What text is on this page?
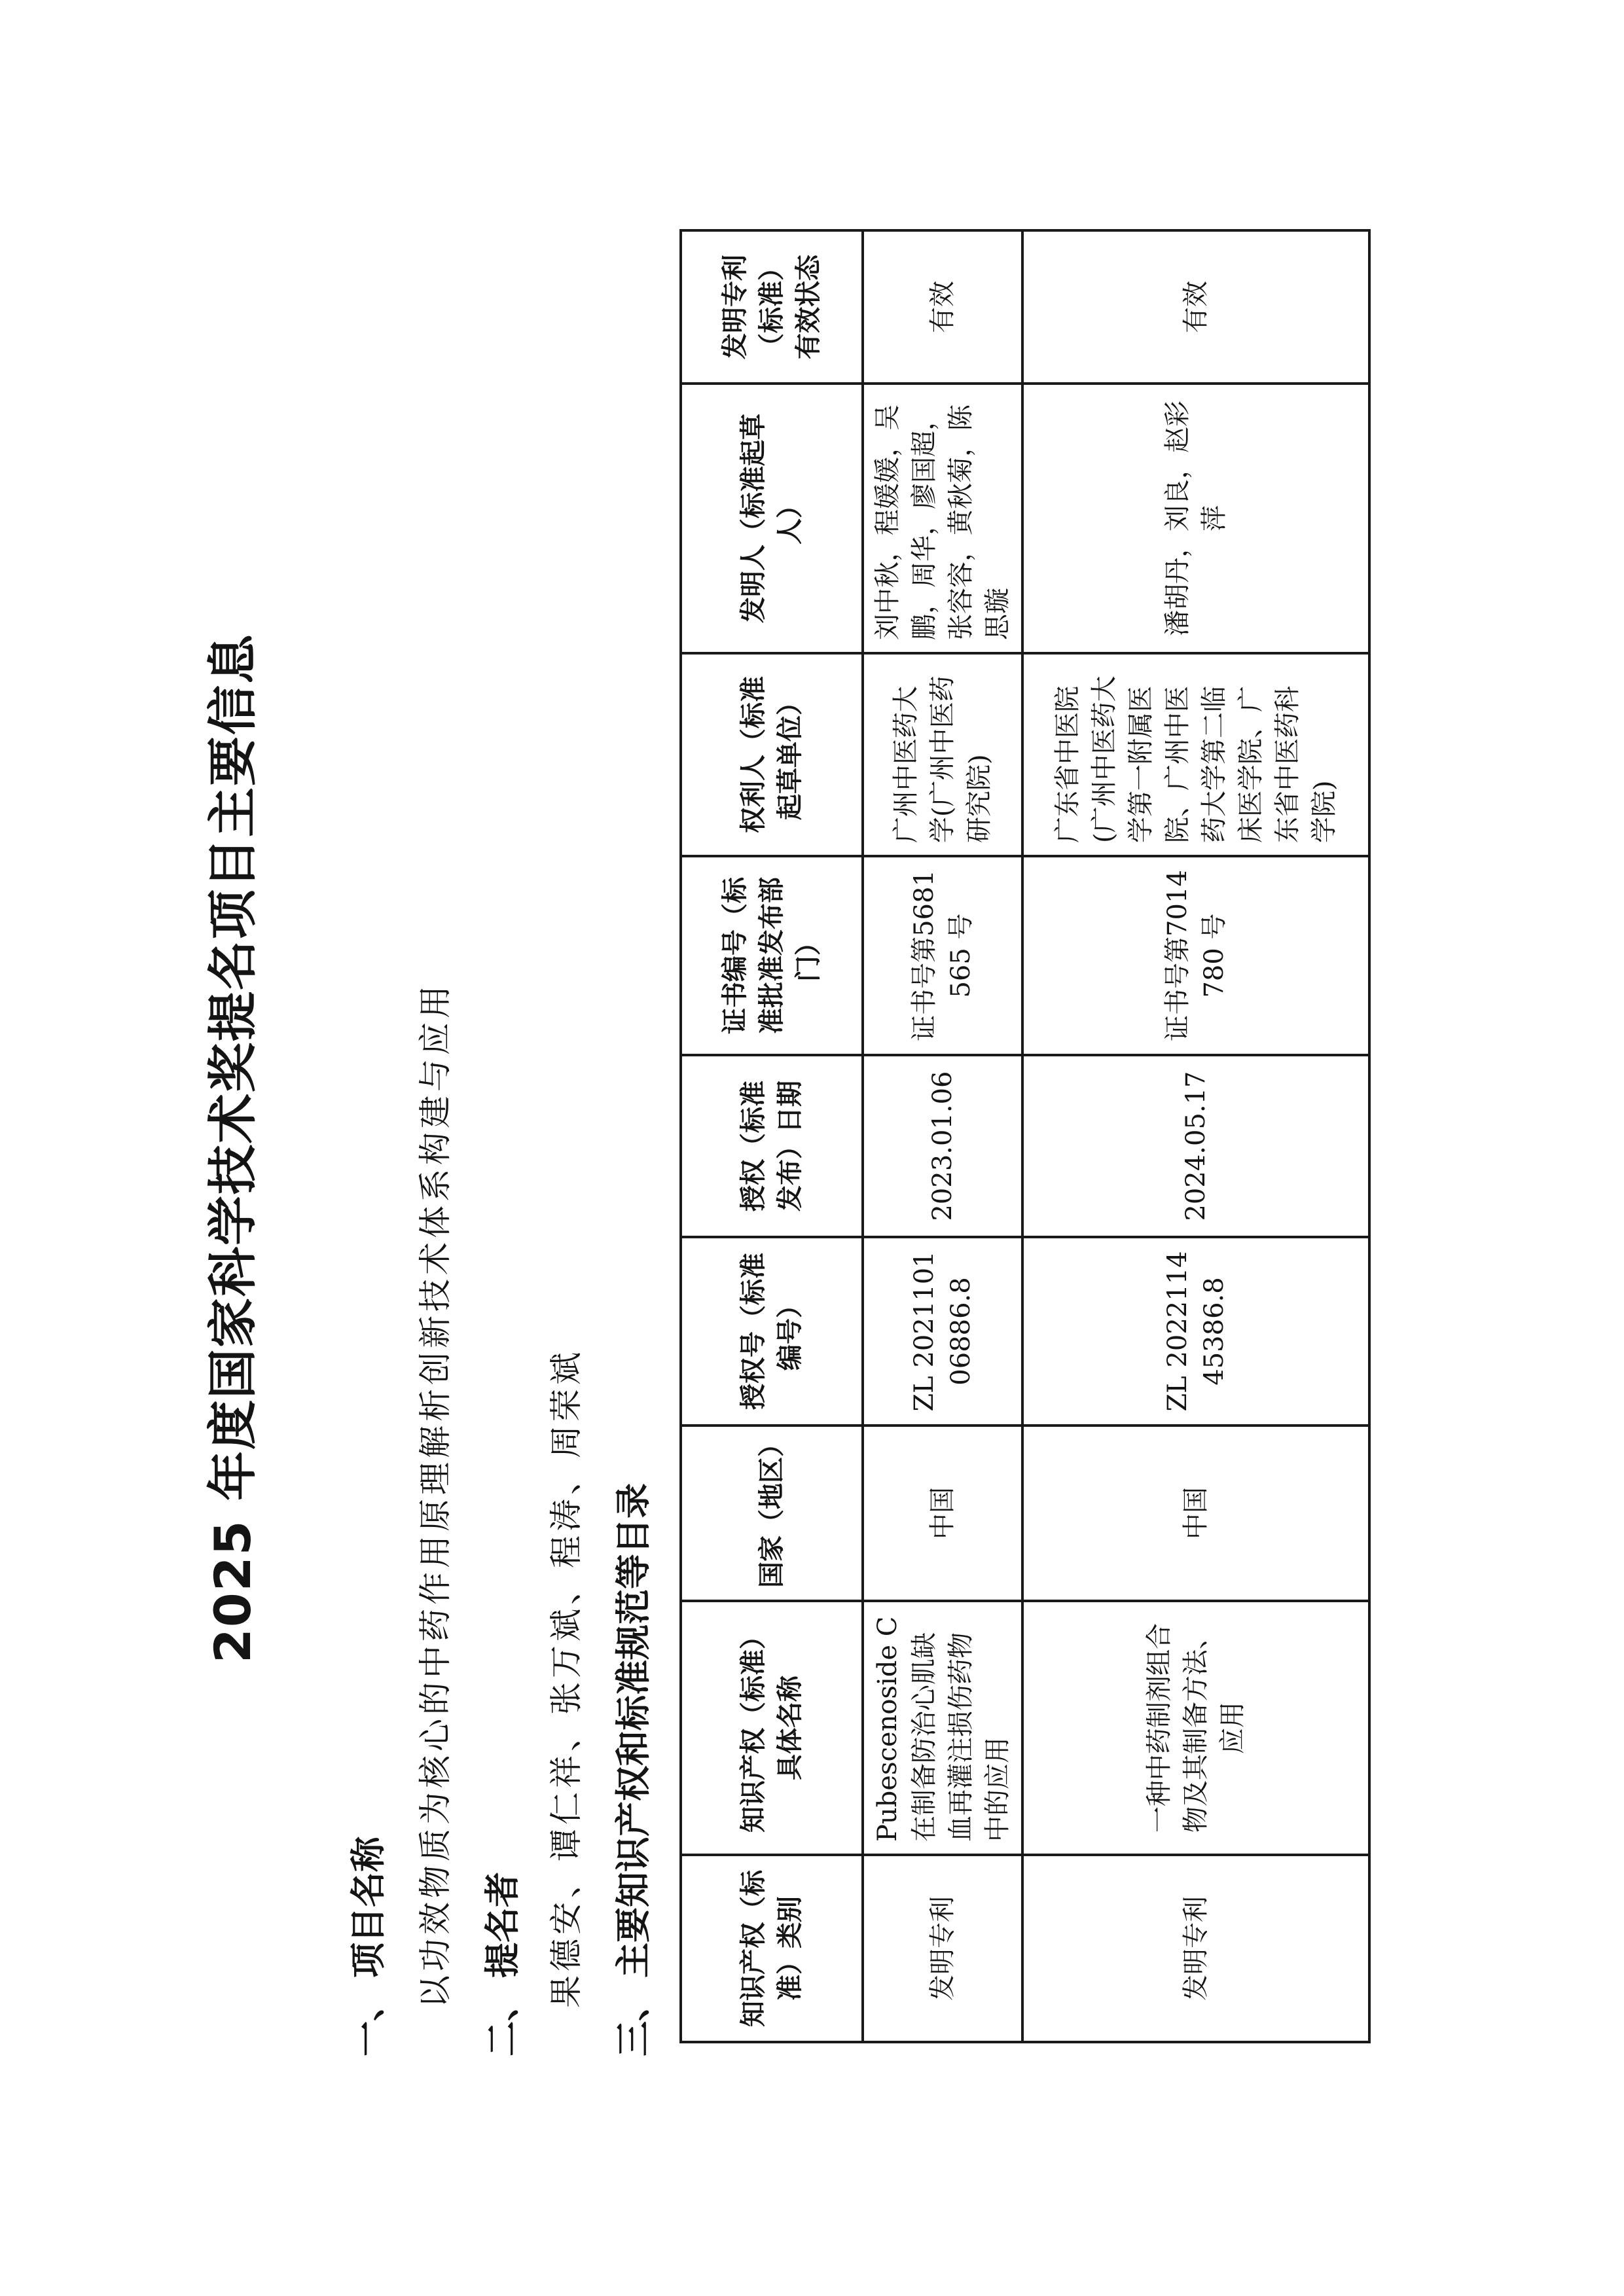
2025 年度国家科学技术奖提名项目主要信息
一、项目名称 以功效物质为核心的中药作用原理解析创新技术体系构建与应用
二、提名者 果德安、谭仁祥、张万斌、程涛、周荣斌
三、主要知识产权和标准规范等目录	知识产权（标准）类别	知识产权（标准）具体名称	国家（地区）	授权号（标准编号）	授权（标准发布）日期	证书编号（标准批准发布部门）	权利人（标准起草单位）	发明人（标准起草人）	发明专利（标准）有效状态
发明专利	Pubescenoside C 在制备防治心肌缺血再灌注损伤药物中的应用	中国	ZL 202110106886.8	2023.01.06	证书号第5681565 号	广州中医药大学(广州中医药研究院)	刘中秋，程媛媛，吴鹏，周华，廖国超，张容容，黄秋菊，陈思璇	有效
发明专利	一种中药制剂组合物及其制备方法、应用	中国	ZL 202211445386.8	2024.05.17	证书号第7014780 号	广东省中医院(广州中医药大学第一附属医院、广州中医药大学第二临床医学院、广东省中医药科学院)	潘胡丹，刘良，赵彩萍	有效
